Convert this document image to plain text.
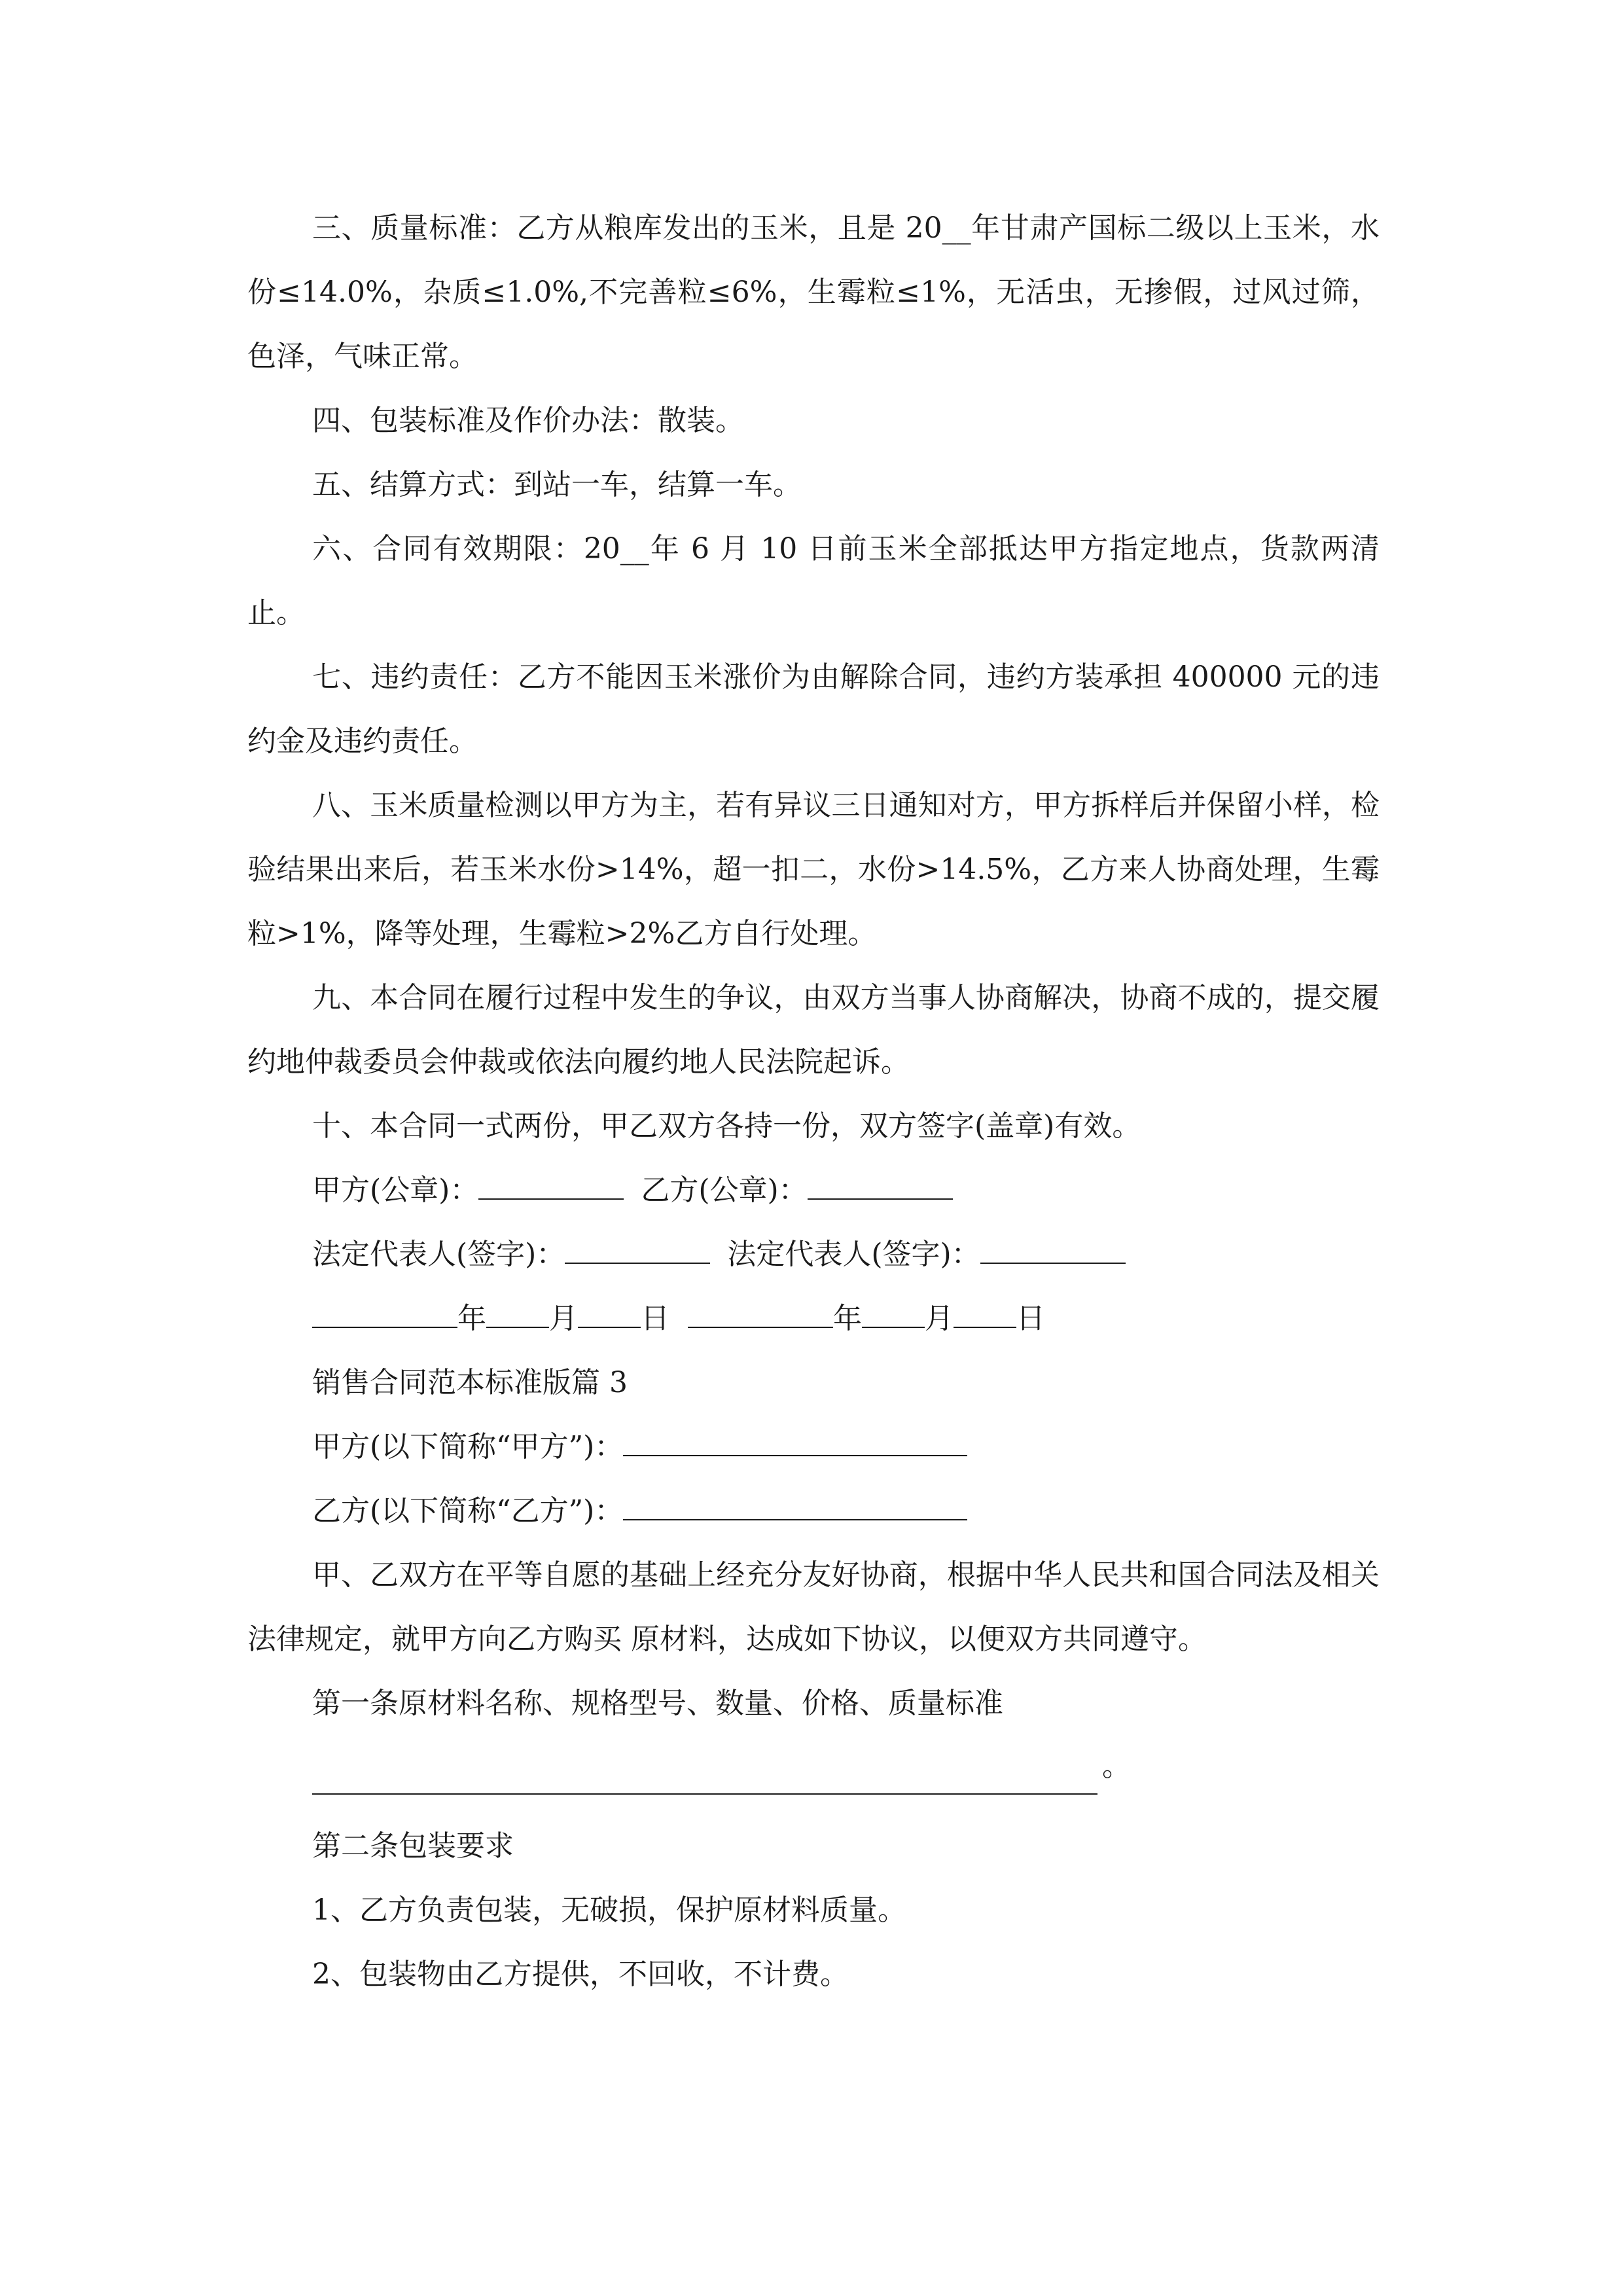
三、质量标准：乙方从粮库发出的玉米，且是 20__年甘肃产国标二级以上玉米，水份≤14.0%，杂质≤1.0%,不完善粒≤6%，生霉粒≤1%，无活虫，无掺假，过风过筛，色泽，气味正常。

四、包装标准及作价办法：散装。

五、结算方式：到站一车，结算一车。

六、合同有效期限：20__年 6 月 10 日前玉米全部抵达甲方指定地点，货款两清止。

七、违约责任：乙方不能因玉米涨价为由解除合同，违约方装承担 400000 元的违约金及违约责任。

八、玉米质量检测以甲方为主，若有异议三日通知对方，甲方拆样后并保留小样，检验结果出来后，若玉米水份>14%，超一扣二，水份>14.5%，乙方来人协商处理，生霉粒>1%，降等处理，生霉粒>2%乙方自行处理。

九、本合同在履行过程中发生的争议，由双方当事人协商解决，协商不成的，提交履约地仲裁委员会仲裁或依法向履约地人民法院起诉。

十、本合同一式两份，甲乙双方各持一份，双方签字(盖章)有效。

甲方(公章)：	乙方(公章)：
法定代表人(签字)：	法定代表人(签字)：
年 月 日	年 月 日
销售合同范本标准版篇 3
甲方(以下简称“甲方”)：
乙方(以下简称“乙方”)：

甲、乙双方在平等自愿的基础上经充分友好协商，根据中华人民共和国合同法及相关法律规定，就甲方向乙方购买 原材料，达成如下协议，以便双方共同遵守。

第一条原材料名称、规格型号、数量、价格、质量标准
。
第二条包装要求
1、乙方负责包装，无破损，保护原材料质量。
2、包装物由乙方提供，不回收，不计费。
